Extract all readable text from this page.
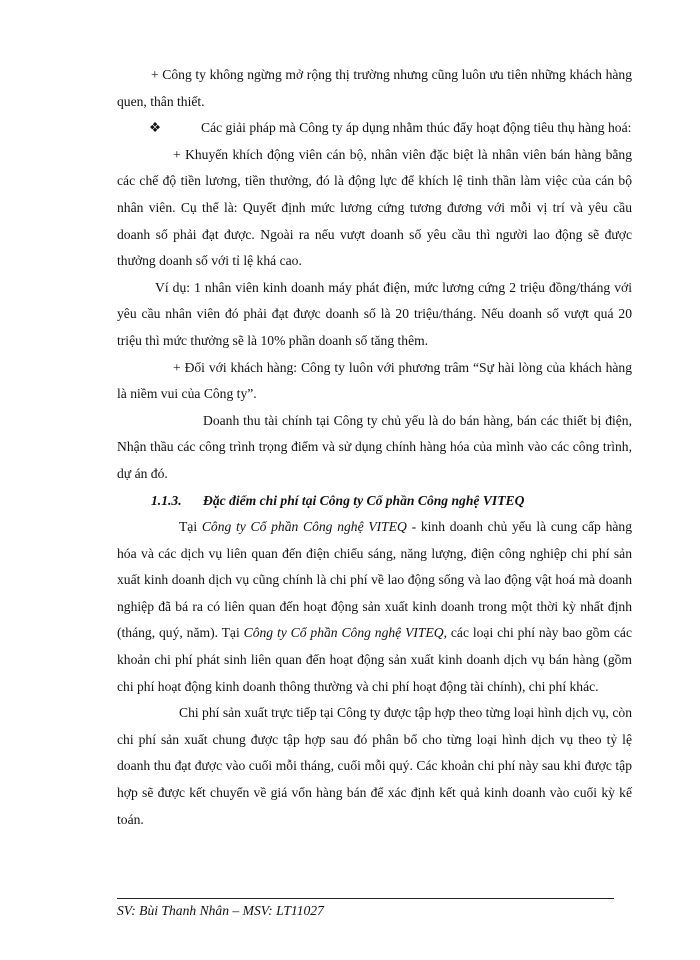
+ Công ty không ngừng mở rộng thị trường nhưng cũng luôn ưu tiên những khách hàng quen, thân thiết.

❖	Các giải pháp mà Công ty áp dụng nhằm thúc đẩy hoạt động tiêu thụ hàng hoá:

+ Khuyến khích động viên cán bộ, nhân viên đặc biệt là nhân viên bán hàng bằng các chế độ tiền lương, tiền thưởng, đó là động lực để khích lệ tinh thần làm việc của cán bộ nhân viên. Cụ thể là: Quyết định mức lương cứng tương đương với mỗi vị trí và yêu cầu doanh số phải đạt được. Ngoài ra nếu vượt doanh số yêu cầu thì người lao động sẽ được thưởng doanh số với tỉ lệ khá cao.

Ví dụ: 1 nhân viên kinh doanh máy phát điện, mức lương cứng 2 triệu đồng/tháng với yêu cầu nhân viên đó phải đạt được doanh số là 20 triệu/tháng. Nếu doanh số vượt quá 20 triệu thì mức thưởng sẽ là 10% phần doanh số tăng thêm.

+ Đối với khách hàng: Công ty luôn với phương trâm “Sự hài lòng của khách hàng là niềm vui của Công ty”.

Doanh thu tài chính tại Công ty chủ yếu là do bán hàng, bán các thiết bị điện, Nhận thầu các công trình trọng điểm và sử dụng chính hàng hóa của mình vào các công trình, dự án đó.

1.1.3. Đặc điểm chi phí tại Công ty Cổ phần Công nghệ VITEQ

Tại Công ty Cổ phần Công nghệ VITEQ - kinh doanh chủ yếu là cung cấp hàng hóa và các dịch vụ liên quan đến điện chiếu sáng, năng lượng, điện công nghiệp chi phí sản xuất kinh doanh dịch vụ cũng chính là chi phí về lao động sống và lao động vật hoá mà doanh nghiệp đã bá ra có liên quan đến hoạt động sản xuất kinh doanh trong một thời kỳ nhất định (tháng, quý, năm). Tại Công ty Cổ phần Công nghệ VITEQ, các loại chi phí này bao gồm các khoản chi phí phát sinh liên quan đến hoạt động sản xuất kinh doanh dịch vụ bán hàng (gồm chi phí hoạt động kinh doanh thông thường và chi phí hoạt động tài chính), chi phí khác.

Chi phí sản xuất trực tiếp tại Công ty được tập hợp theo từng loại hình dịch vụ, còn chi phí sản xuất chung được tập hợp sau đó phân bổ cho từng loại hình dịch vụ theo tỷ lệ doanh thu đạt được vào cuối mỗi tháng, cuối mỗi quý. Các khoản chi phí này sau khi được tập hợp sẽ được kết chuyển về giá vốn hàng bán để xác định kết quả kinh doanh vào cuối kỳ kế toán.

SV: Bùi Thanh Nhân – MSV: LT11027
